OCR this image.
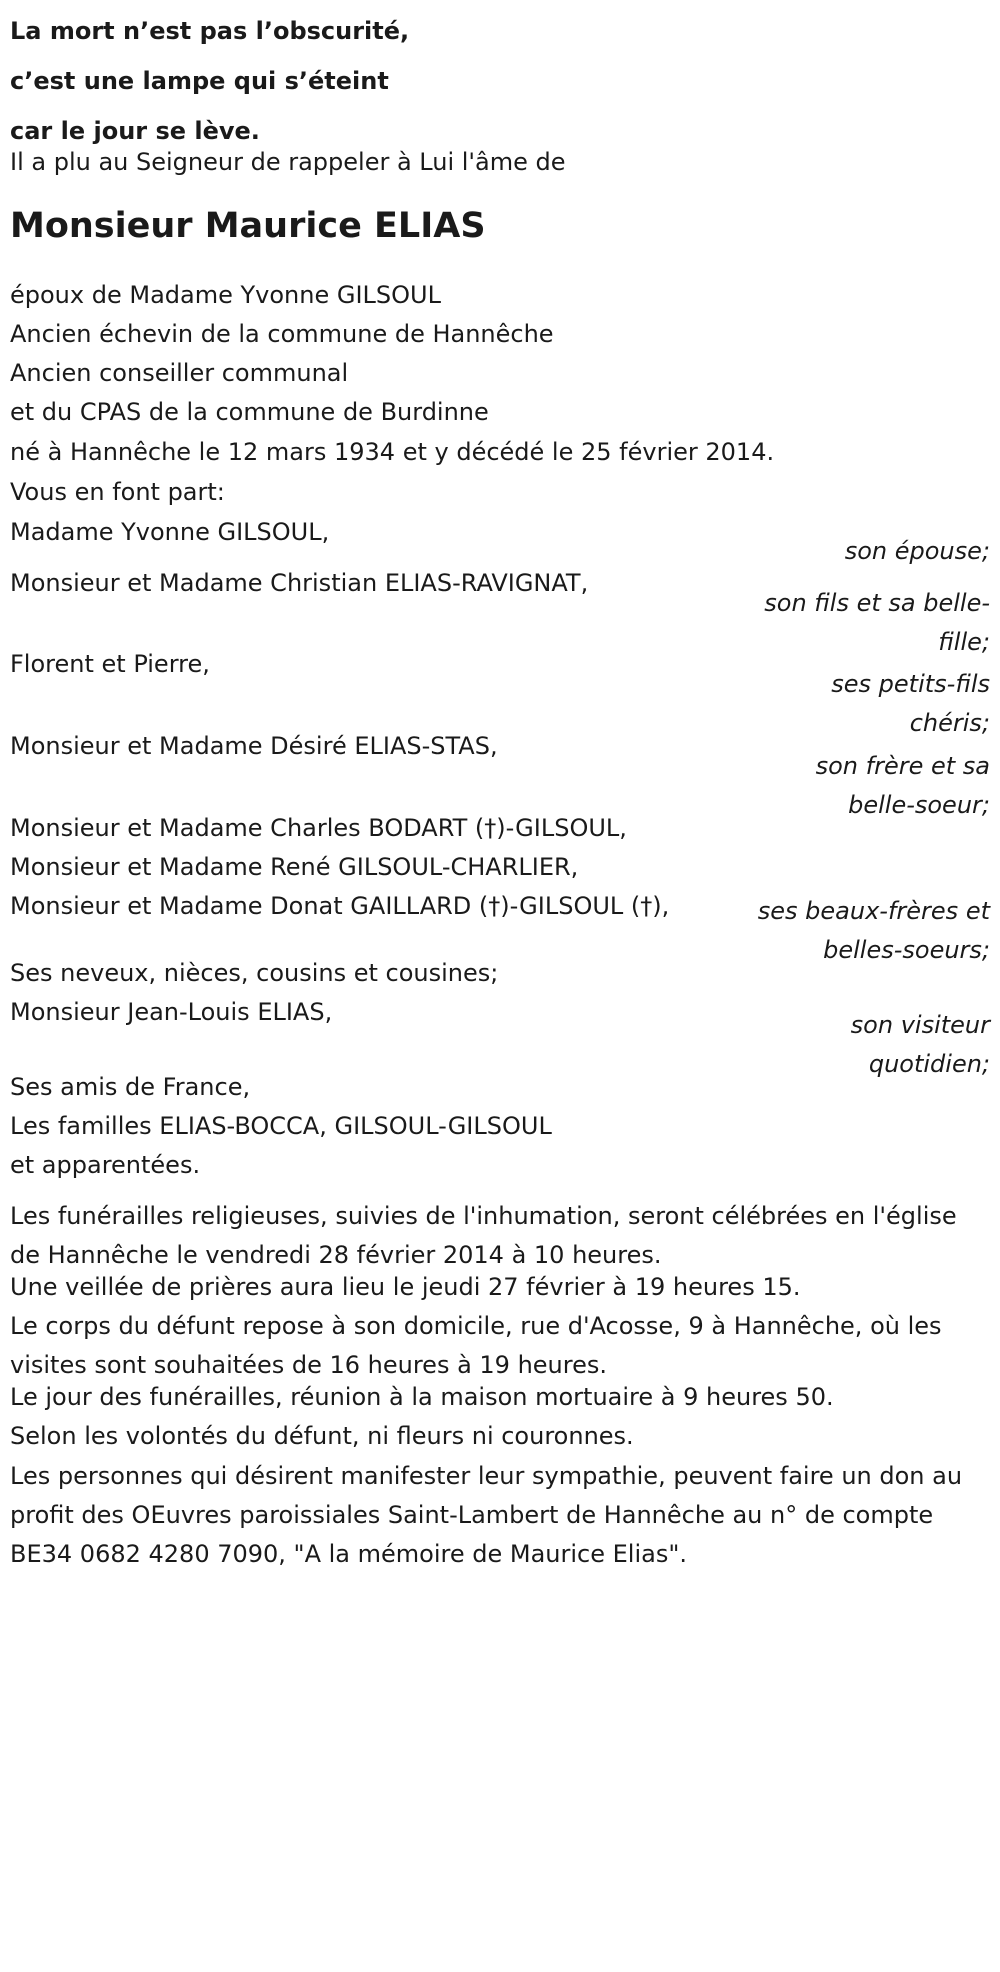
La mort n’est pas l’obscurité,
c’est une lampe qui s’éteint
car le jour se lève.
Il a plu au Seigneur de rappeler à Lui l'âme de
Monsieur Maurice ELIAS
époux de Madame Yvonne GILSOUL
Ancien échevin de la commune de Hannêche
Ancien conseiller communal
et du CPAS de la commune de Burdinne
né à Hannêche le 12 mars 1934 et y décédé le 25 février 2014.
Vous en font part:
Madame Yvonne GILSOUL,
son épouse;
Monsieur et Madame Christian ELIAS-RAVIGNAT,
son fils et sa belle-fille;
Florent et Pierre,
ses petits-fils chéris;
Monsieur et Madame Désiré ELIAS-STAS,
son frère et sa belle-soeur;
Monsieur et Madame Charles BODART (†)-GILSOUL,
Monsieur et Madame René GILSOUL-CHARLIER,
Monsieur et Madame Donat GAILLARD (†)-GILSOUL (†),	ses beaux-frères et belles-soeurs;
Ses neveux, nièces, cousins et cousines;
Monsieur Jean-Louis ELIAS,	son visiteur quotidien;
Ses amis de France,
Les familles ELIAS-BOCCA, GILSOUL-GILSOUL
et apparentées.
Les funérailles religieuses, suivies de l'inhumation, seront célébrées en l'église de Hannêche le vendredi 28 février 2014 à 10 heures.
Une veillée de prières aura lieu le jeudi 27 février à 19 heures 15.
Le corps du défunt repose à son domicile, rue d'Acosse, 9 à Hannêche, où les visites sont souhaitées de 16 heures à 19 heures.
Le jour des funérailles, réunion à la maison mortuaire à 9 heures 50.
Selon les volontés du défunt, ni fleurs ni couronnes.
Les personnes qui désirent manifester leur sympathie, peuvent faire un don au profit des OEuvres paroissiales Saint-Lambert de Hannêche au n° de compte BE34 0682 4280 7090, "A la mémoire de Maurice Elias".
